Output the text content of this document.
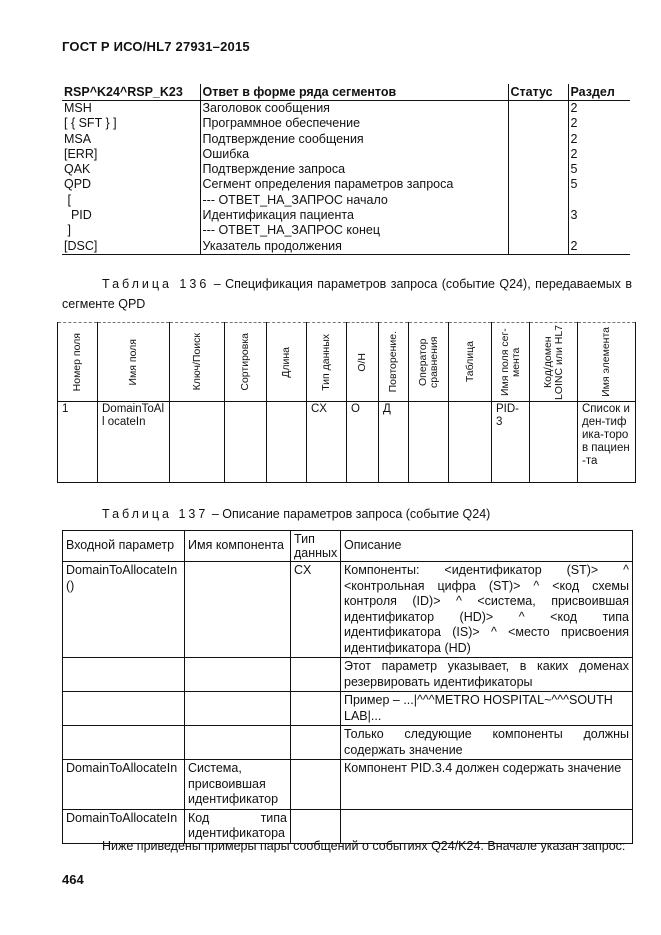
ГОСТ Р ИСО/HL7 27931–2015
RSP^K24^RSP_K23	Ответ в форме ряда сегментов	Статус	Раздел
MSH	Заголовок сообщения		2
[ { SFT } ]	Программное обеспечение		2
MSA	Подтверждение сообщения		2
[ERR]	Ошибка		2
QAK	Подтверждение запроса		5
QPD	Сегмент определения параметров запроса		5
[	--- ОТВЕТ_НА_ЗАПРОС начало		
PID	Идентификация пациента		3
]	--- ОТВЕТ_НА_ЗАПРОС конец		
[DSC]	Указатель продолжения		2
Таблица 136 – Спецификация параметров запроса (событие Q24), передаваемых в сегменте QPD
Номер поля	Имя поля	Ключ/Поиск	Сортировка	Длина	Тип данных	О/Н	Повторение.	Оператор сравнения	Таблица	Имя поля сег-мента	Код/домен LOINC или HL7	Имя элемента

1	DomainToAll ocateIn				CX	O	Д			PID-3		Список иден-тифика-торов пациен-та
Таблица 137 – Описание параметров запроса (событие Q24)
Входной параметр	Имя компонента	Тип данных	Описание
DomainToAllocateIn ()		CX	Компоненты: <идентификатор (ST)> ^ <контрольная цифра (ST)> ^ <код схемы контроля (ID)> ^ <система, присвоившая идентификатор (HD)> ^ <код типа идентификатора (IS)> ^ <место присвоения идентификатора (HD)
			Этот параметр указывает, в каких доменах резервировать идентификаторы
			Пример – ...|^^^METRO HOSPITAL~^^^SOUTH LAB|...
			Только следующие компоненты должны содержать значение
DomainToAllocateIn	Система, присвоившая идентификатор		Компонент PID.3.4 должен содержать значение
DomainToAllocateIn	Код типа идентификатора		
Ниже приведены примеры пары сообщений о событиях Q24/K24. Вначале указан запрос:
464
